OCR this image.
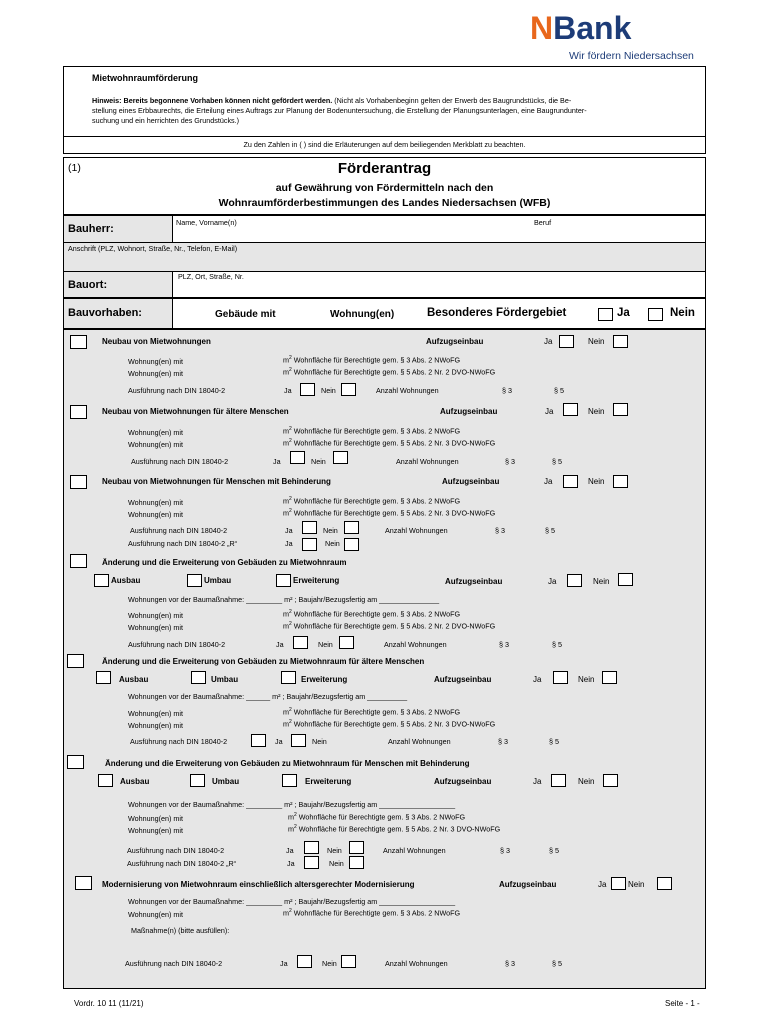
NBank
Wir fördern Niedersachsen
Mietwohnraumförderung
Hinweis: Bereits begonnene Vorhaben können nicht gefördert werden. (Nicht als Vorhabenbeginn gelten der Erwerb des Baugrundstücks, die Be-
stellung eines Erbbaurechts, die Erteilung eines Auftrags zur Planung der Bodenuntersuchung, die Erstellung der Planungsunterlagen, eine Baugrundunter-
suchung und ein herrichten des Grundstücks.)
Zu den Zahlen in ( ) sind die Erläuterungen auf dem beiliegenden Merkblatt zu beachten.
(1)	Förderantrag
auf Gewährung von Fördermitteln nach den
Wohnraumförderbestimmungen des Landes Niedersachsen (WFB)
Bauherr:
Name, Vorname(n)	Beruf
Anschrift (PLZ, Wohnort, Straße, Nr., Telefon, E-Mail)
Bauort:
PLZ, Ort, Straße, Nr.
Bauvorhaben:	Gebäude mit	Wohnung(en)	Besonderes Fördergebiet	Ja	Nein
Neubau von Mietwohnungen	Aufzugseinbau	Ja	Nein
Wohnung(en) mit	$m^2$ Wohnfläche für Berechtigte gem. § 3 Abs. 2 NWoFG
Wohnung(en) mit	$m^2$ Wohnfläche für Berechtigte gem. § 5 Abs. 2 Nr. 2 DVO-NWoFG
Ausführung nach DIN 18040-2	Ja	Nein	Anzahl Wohnungen	§ 3	§ 5
Neubau von Mietwohnungen für ältere Menschen	Aufzugseinbau	Ja	Nein
Wohnung(en) mit	$m^2$ Wohnfläche für Berechtigte gem. § 3 Abs. 2 NWoFG
Wohnung(en) mit	$m^2$ Wohnfläche für Berechtigte gem. § 5 Abs. 2 Nr. 3 DVO-NWoFG
Ausführung nach DIN 18040-2	Ja	Nein	Anzahl Wohnungen	§ 3	§ 5
Neubau von Mietwohnungen für Menschen mit Behinderung	Aufzugseinbau	Ja	Nein
Wohnung(en) mit	$m^2$ Wohnfläche für Berechtigte gem. § 3 Abs. 2 NWoFG
Wohnung(en) mit	$m^2$ Wohnfläche für Berechtigte gem. § 5 Abs. 2 Nr. 3 DVO-NWoFG
Ausführung nach DIN 18040-2	Ja	Nein	Anzahl Wohnungen	§ 3	§ 5
Ausführung nach DIN 18040-2 „R“	Ja	Nein
Änderung und die Erweiterung von Gebäuden zu Mietwohnraum
Ausbau	Umbau	Erweiterung	Aufzugseinbau	Ja	Nein
Wohnungen vor der Baumaßnahme: _________ m² ; Baujahr/Bezugsfertig am _______________
Wohnung(en) mit	$m^2$ Wohnfläche für Berechtigte gem. § 3 Abs. 2 NWoFG
Wohnung(en) mit	$m^2$ Wohnfläche für Berechtigte gem. § 5 Abs. 2 Nr. 2 DVO-NWoFG
Ausführung nach DIN 18040-2	Ja	Nein	Anzahl Wohnungen	§ 3	§ 5
Änderung und die Erweiterung von Gebäuden zu Mietwohnraum für ältere Menschen
Ausbau	Umbau	Erweiterung	Aufzugseinbau	Ja	Nein
Wohnungen vor der Baumaßnahme: ______ m² ; Baujahr/Bezugsfertig am __________
Wohnung(en) mit	$m^2$ Wohnfläche für Berechtigte gem. § 3 Abs. 2 NWoFG
Wohnung(en) mit	$m^2$ Wohnfläche für Berechtigte gem. § 5 Abs. 2 Nr. 3 DVO-NWoFG
Ausführung nach DIN 18040-2	Ja	Nein	Anzahl Wohnungen	§ 3	§ 5
Änderung und die Erweiterung von Gebäuden zu Mietwohnraum für Menschen mit Behinderung
Ausbau	Umbau	Erweiterung	Aufzugseinbau	Ja	Nein
Wohnungen vor der Baumaßnahme: _________ m² ; Baujahr/Bezugsfertig am ___________________
Wohnung(en) mit	$m^2$ Wohnfläche für Berechtigte gem. § 3 Abs. 2 NWoFG
Wohnung(en) mit	$m^2$ Wohnfläche für Berechtigte gem. § 5 Abs. 2 Nr. 3 DVO-NWoFG
Ausführung nach DIN 18040-2	Ja	Nein	Anzahl Wohnungen	§ 3	§ 5
Ausführung nach DIN 18040-2 „R“	Ja	Nein
Modernisierung von Mietwohnraum einschließlich altersgerechter Modernisierung	Aufzugseinbau	Ja	Nein
Wohnungen vor der Baumaßnahme: _________ m² ; Baujahr/Bezugsfertig am ___________________
Wohnung(en) mit	$m^2$ Wohnfläche für Berechtigte gem. § 3 Abs. 2 NWoFG
Maßnahme(n) (bitte ausfüllen):
Ausführung nach DIN 18040-2	Ja	Nein	Anzahl Wohnungen	§ 3	§ 5
Vordr. 10 11 (11/21)	Seite - 1 -
